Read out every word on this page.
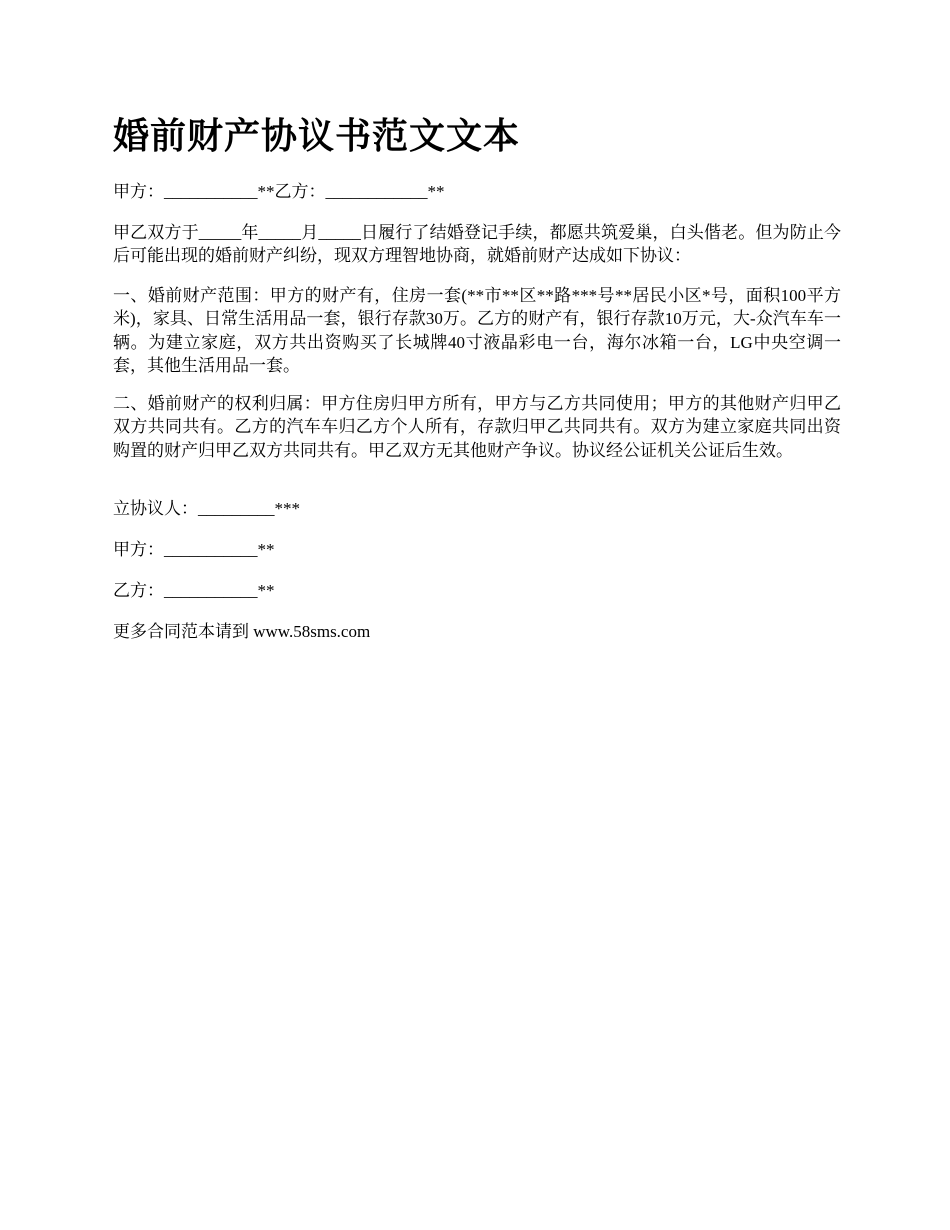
婚前财产协议书范文文本

甲方：___________**乙方：____________**

甲乙双方于_____年_____月_____日履行了结婚登记手续，都愿共筑爱巢，白头偕老。但为防止今后可能出现的婚前财产纠纷，现双方理智地协商，就婚前财产达成如下协议：

一、婚前财产范围：甲方的财产有，住房一套(**市**区**路***号**居民小区*号，面积100平方米)，家具、日常生活用品一套，银行存款30万。乙方的财产有，银行存款10万元，大-众汽车车一辆。为建立家庭，双方共出资购买了长城牌40寸液晶彩电一台，海尔冰箱一台，LG中央空调一套，其他生活用品一套。

二、婚前财产的权利归属：甲方住房归甲方所有，甲方与乙方共同使用；甲方的其他财产归甲乙双方共同共有。乙方的汽车车归乙方个人所有，存款归甲乙共同共有。双方为建立家庭共同出资购置的财产归甲乙双方共同共有。甲乙双方无其他财产争议。协议经公证机关公证后生效。

立协议人：_________***

甲方：___________**

乙方：___________**

更多合同范本请到 www.58sms.com
